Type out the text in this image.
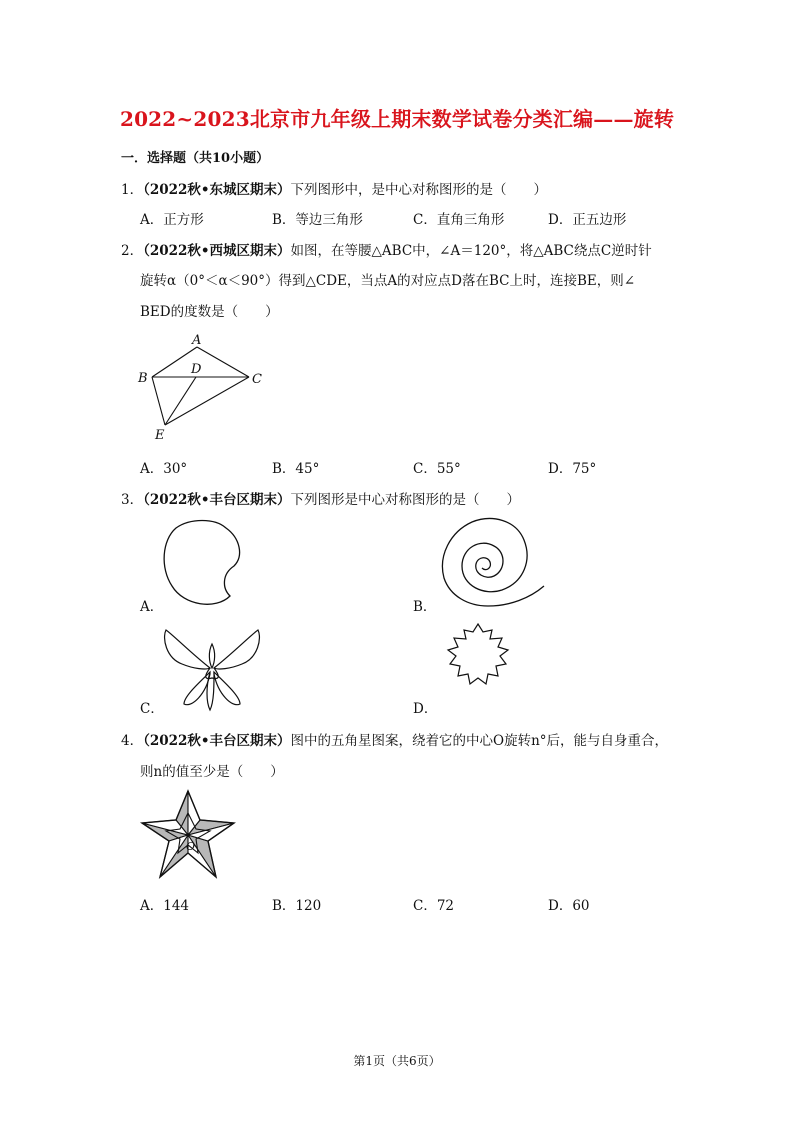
2022~2023北京市九年级上期末数学试卷分类汇编——旋转
一．选择题（共10小题）
1．（2022秋•东城区期末）下列图形中，是中心对称图形的是（　　）
A．正方形	B．等边三角形	C．直角三角形	D．正五边形
2．（2022秋•西城区期末）如图，在等腰△ABC中，∠A＝120°，将△ABC绕点C逆时针
旋转α（0°＜α＜90°）得到△CDE，当点A的对应点D落在BC上时，连接BE，则∠
BED的度数是（　　）
A
B
D
C
E
A．30°	B．45°	C．55°	D．75°
3．（2022秋•丰台区期末）下列图形是中心对称图形的是（　　）
A．	B．
C．	D．
4．（2022秋•丰台区期末）图中的五角星图案，绕着它的中心O旋转n°后，能与自身重合，
则n的值至少是（　　）
O
A．144	B．120	C．72	D．60
第1页（共6页）
